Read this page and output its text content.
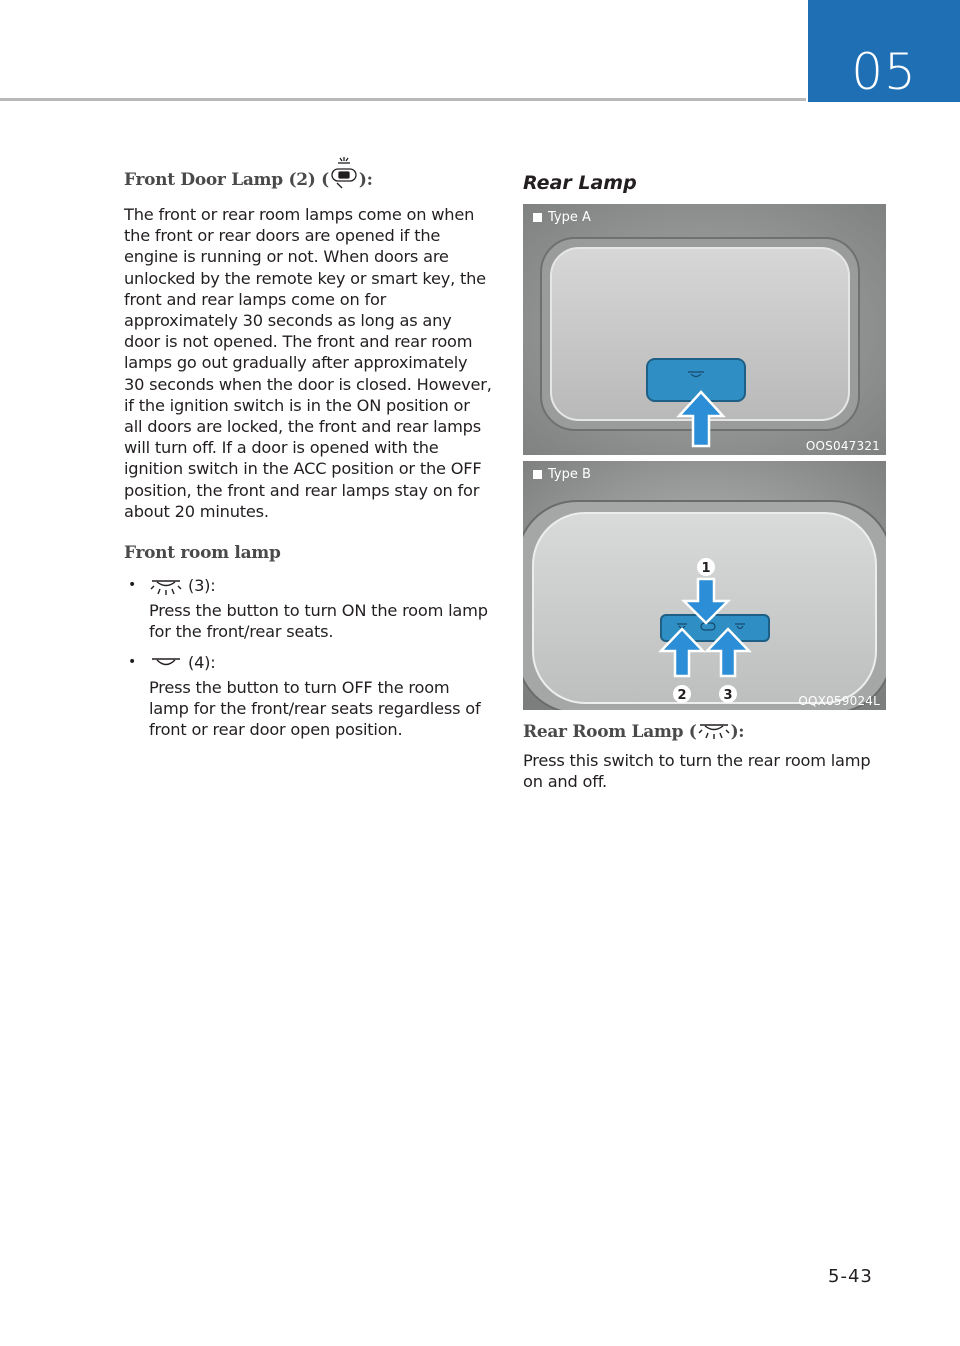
05
Front Door Lamp (2) ( ):

The front or rear room lamps come on when the front or rear doors are opened if the engine is running or not. When doors are unlocked by the remote key or smart key, the front and rear lamps come on for approximately 30 seconds as long as any door is not opened. The front and rear room lamps go out gradually after approximately 30 seconds when the door is closed. However, if the ignition switch is in the ON position or all doors are locked, the front and rear lamps will turn off. If a door is opened with the ignition switch in the ACC position or the OFF position, the front and rear lamps stay on for about 20 minutes.

Front room lamp
•	(3):

Press the button to turn ON the room lamp for the front/rear seats.

•	(4):

Press the button to turn OFF the room lamp for the front/rear seats regardless of front or rear door open position.

Rear Lamp
Type A
OOS047321
1
2	3
Type B
OQX059024L
Rear Room Lamp ( ):

Press this switch to turn the rear room lamp on and off.

5-43
